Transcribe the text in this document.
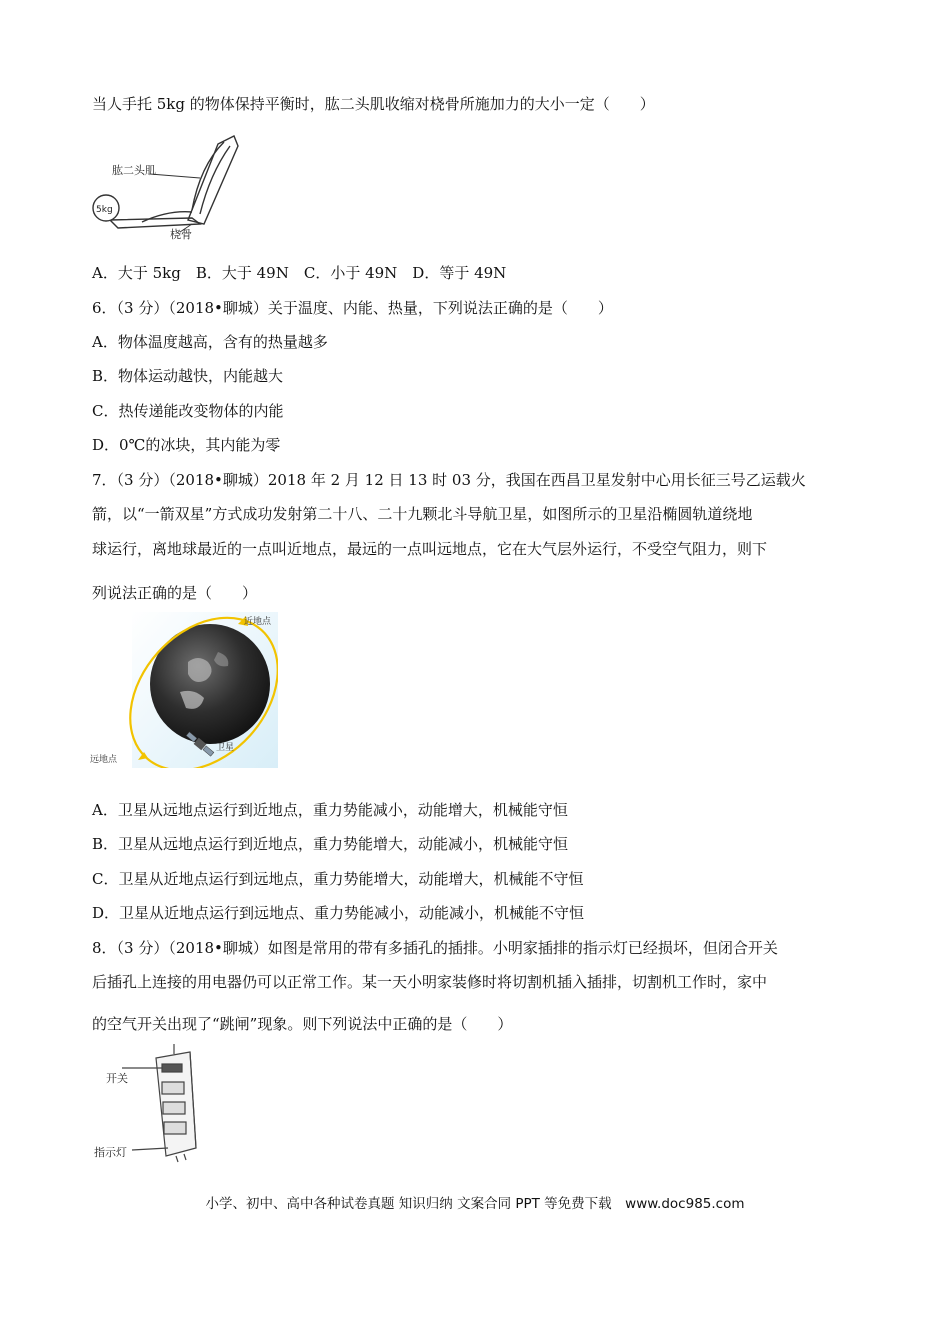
当人手托 5kg 的物体保持平衡时，肱二头肌收缩对桡骨所施加力的大小一定（　　）
5kg
肱二头肌
桡骨
A．大于 5kg　B．大于 49N　C．小于 49N　D．等于 49N
6．（3 分）（2018•聊城）关于温度、内能、热量，下列说法正确的是（　　）
A．物体温度越高，含有的热量越多
B．物体运动越快，内能越大
C．热传递能改变物体的内能
D．0℃的冰块，其内能为零
7．（3 分）（2018•聊城）2018 年 2 月 12 日 13 时 03 分，我国在西昌卫星发射中心用长征三号乙运载火
箭，以“一箭双星”方式成功发射第二十八、二十九颗北斗导航卫星，如图所示的卫星沿椭圆轨道绕地
球运行，离地球最近的一点叫近地点，最远的一点叫远地点，它在大气层外运行，不受空气阻力，则下
列说法正确的是（　　）
近地点
远地点
卫星
A．卫星从远地点运行到近地点，重力势能减小，动能增大，机械能守恒
B．卫星从远地点运行到近地点，重力势能增大，动能减小，机械能守恒
C．卫星从近地点运行到远地点，重力势能增大，动能增大，机械能不守恒
D．卫星从近地点运行到远地点、重力势能减小，动能减小，机械能不守恒
8．（3 分）（2018•聊城）如图是常用的带有多插孔的插排。小明家插排的指示灯已经损坏，但闭合开关
后插孔上连接的用电器仍可以正常工作。某一天小明家装修时将切割机插入插排，切割机工作时，家中
的空气开关出现了“跳闸”现象。则下列说法中正确的是（　　）
开关
指示灯
小学、初中、高中各种试卷真题 知识归纳 文案合同 PPT 等免费下载　www.doc985.com
